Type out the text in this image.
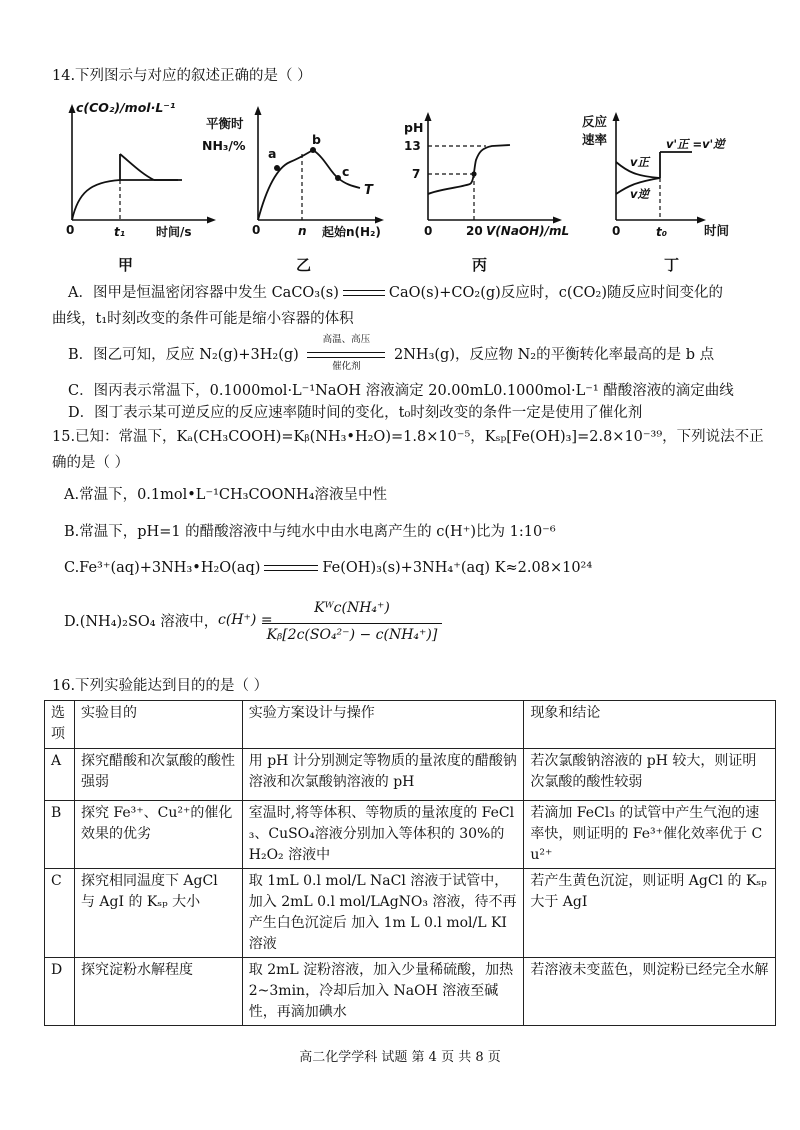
14.下列图示与对应的叙述正确的是（ ）
c(CO₂)/mol·L⁻¹
0	t₁	时间/s
甲
平衡时
NH₃/%
a
b
c
T
0	n 起始n(H₂)
乙
pH
13
7
0	20 V(NaOH)/mL
丙
反应
速率	v'正 =v'逆
v正
v逆
0	t₀	时间
丁
A．图甲是恒温密闭容器中发生 CaCO₃(s)	CaO(s)+CO₂(g)反应时，c(CO₂)随反应时间变化的
曲线，t₁时刻改变的条件可能是缩小容器的体积
B．图乙可知，反应 N₂(g)+3H₂(g)
高温、高压
催化剂
2NH₃(g)，反应物 N₂的平衡转化率最高的是 b 点
C．图丙表示常温下，0.1000mol·L⁻¹NaOH 溶液滴定 20.00mL0.1000mol·L⁻¹ 醋酸溶液的滴定曲线
D．图丁表示某可逆反应的反应速率随时间的变化，t₀时刻改变的条件一定是使用了催化剂
15.已知：常温下，Kₐ(CH₃COOH)=Kᵦ(NH₃•H₂O)=1.8×10⁻⁵，Kₛₚ[Fe(OH)₃]=2.8×10⁻³⁹，下列说法不正
确的是（ ）
A.常温下，0.1mol•L⁻¹CH₃COONH₄溶液呈中性
B.常温下，pH=1 的醋酸溶液中与纯水中由水电离产生的 c(H⁺)比为 1:10⁻⁶
C.Fe³⁺(aq)+3NH₃•H₂O(aq)	Fe(OH)₃(s)+3NH₄⁺(aq) K≈2.08×10²⁴
D.(NH₄)₂SO₄ 溶液中， c(H⁺) =
Kᵂc(NH₄⁺)
Kᵦ[2c(SO₄²⁻) − c(NH₄⁺)]
16.下列实验能达到目的的是（ ）
选项	实验目的	实验方案设计与操作	现象和结论
A	探究醋酸和次氯酸的酸性强弱	用 pH 计分别测定等物质的量浓度的醋酸钠溶液和次氯酸钠溶液的 pH	若次氯酸钠溶液的 pH 较大，则证明次氯酸的酸性较弱
B	探究 Fe³⁺、Cu²⁺的催化效果的优劣	室温时,将等体积、等物质的量浓度的 FeCl₃、CuSO₄溶液分别加入等体积的 30%的 H₂O₂ 溶液中	若滴加 FeCl₃ 的试管中产生气泡的速率快，则证明的 Fe³⁺催化效率优于 Cu²⁺
C	探究相同温度下 AgCl 与 AgI 的 Kₛₚ 大小	取 1mL 0.l mol/L NaCl 溶液于试管中，加入 2mL 0.l mol/LAgNO₃ 溶液，待不再产生白色沉淀后 加入 1m L 0.l mol/L KI 溶液	若产生黄色沉淀，则证明 AgCl 的 Kₛₚ 大于 AgI
D	探究淀粉水解程度	取 2mL 淀粉溶液，加入少量稀硫酸，加热 2~3min，冷却后加入 NaOH 溶液至碱性，再滴加碘水	若溶液未变蓝色，则淀粉已经完全水解
高二化学学科 试题 第 4 页 共 8 页
